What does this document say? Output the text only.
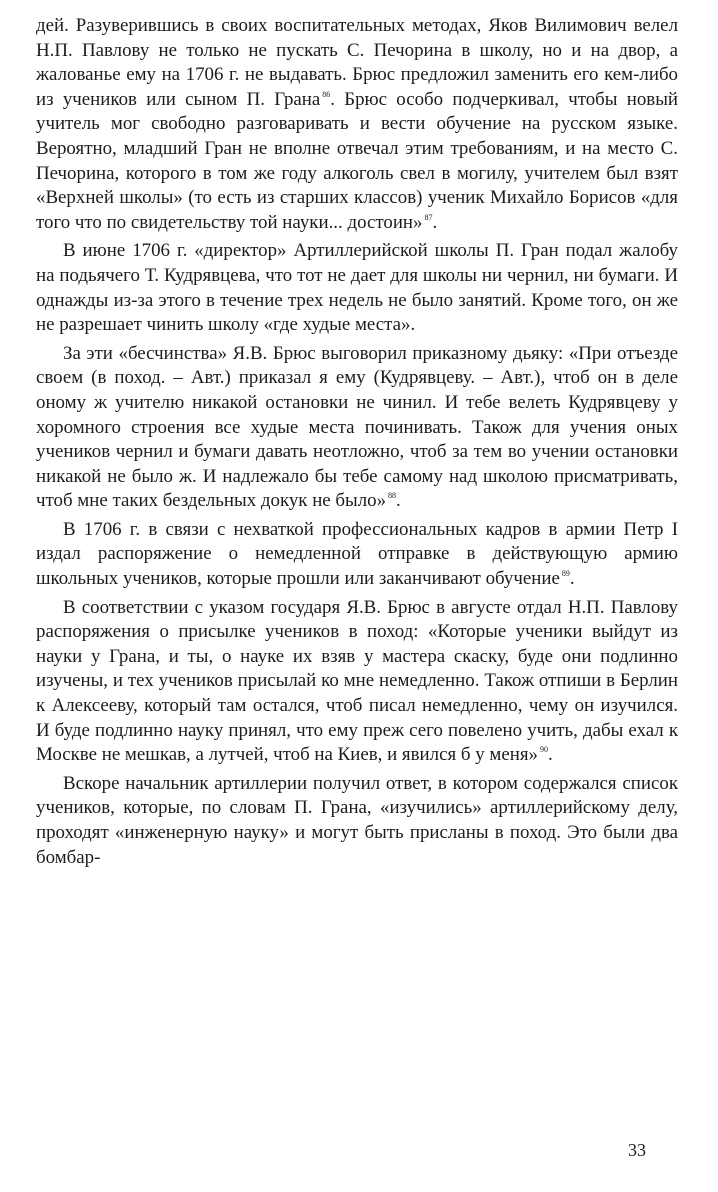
дей. Разуверившись в своих воспитательных методах, Яков Вилимович велел Н.П. Павлову не только не пускать С. Печорина в школу, но и на двор, а жалованье ему на 1706 г. не выдавать. Брюс предложил заменить его кем-либо из учеников или сыном П. Грана $^{86}$. Брюс особо подчеркивал, чтобы новый учитель мог свободно разговаривать и вести обучение на русском языке. Вероятно, младший Гран не вполне отвечал этим требованиям, и на место С. Печорина, которого в том же году алкоголь свел в могилу, учителем был взят «Верхней школы» (то есть из старших классов) ученик Михайло Борисов «для того что по свидетельству той науки... достоин» $^{87}$.

В июне 1706 г. «директор» Артиллерийской школы П. Гран подал жалобу на подьячего Т. Кудрявцева, что тот не дает для школы ни чернил, ни бумаги. И однажды из-за этого в течение трех недель не было занятий. Кроме того, он же не разрешает чинить школу «где худые места».

За эти «бесчинства» Я.В. Брюс выговорил приказному дьяку: «При отъезде своем (в поход. – Авт.) приказал я ему (Кудрявцеву. – Авт.), чтоб он в деле оному ж учителю никакой остановки не чинил. И тебе велеть Кудрявцеву у хоромного строения все худые места починивать. Також для учения оных учеников чернил и бумаги давать неотложно, чтоб за тем во учении остановки никакой не было ж. И надлежало бы тебе самому над школою присматривать, чтоб мне таких бездельных докук не было» $^{88}$.

В 1706 г. в связи с нехваткой профессиональных кадров в армии Петр I издал распоряжение о немедленной отправке в действующую армию школьных учеников, которые прошли или заканчивают обучение $^{89}$.

В соответствии с указом государя Я.В. Брюс в августе отдал Н.П. Павлову распоряжения о присылке учеников в поход: «Которые ученики выйдут из науки у Грана, и ты, о науке их взяв у мастера скаску, буде они подлинно изучены, и тех учеников присылай ко мне немедленно. Також отпиши в Берлин к Алексееву, который там остался, чтоб писал немедленно, чему он изучился. И буде подлинно науку принял, что ему преж сего повелено учить, дабы ехал к Москве не мешкав, а лутчей, чтоб на Киев, и явился б у меня» $^{90}$.

Вскоре начальник артиллерии получил ответ, в котором содержался список учеников, которые, по словам П. Грана, «изучились» артиллерийскому делу, проходят «инженерную науку» и могут быть присланы в поход. Это были два бомбар-

33
